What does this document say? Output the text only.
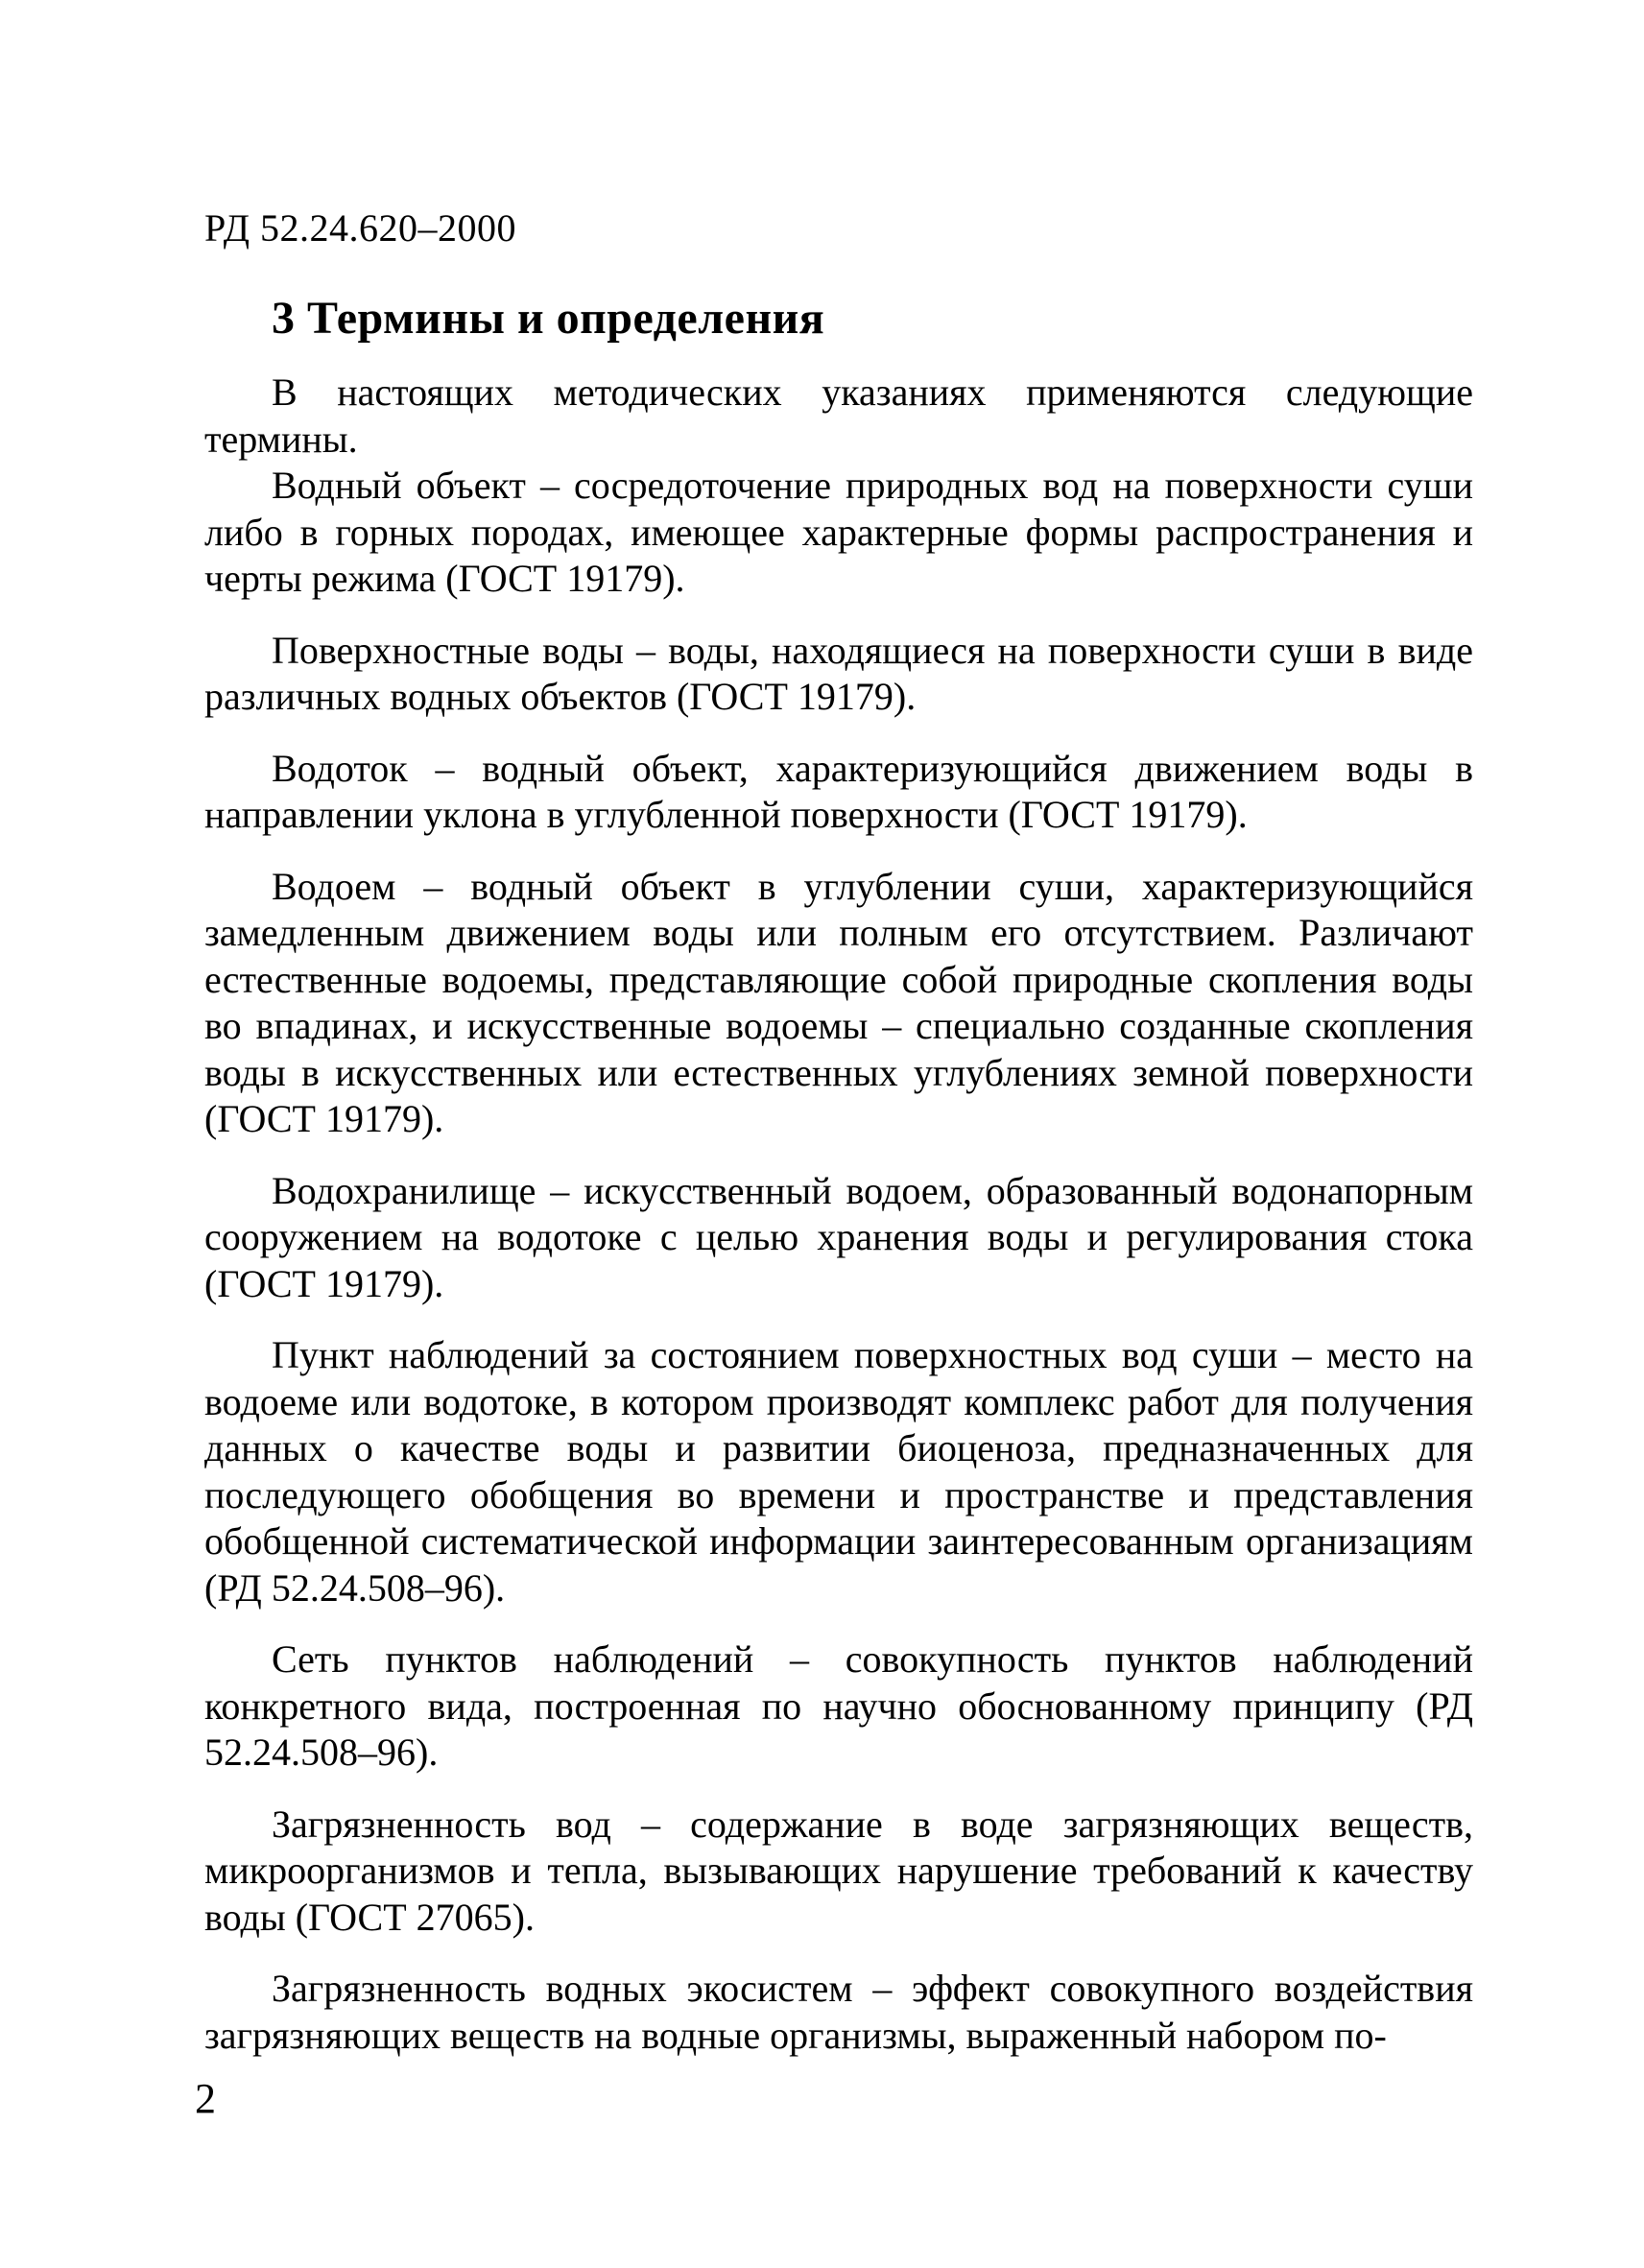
РД 52.24.620–2000
3 Термины и определения

В настоящих методических указаниях применяются следующие термины.

Водный объект – сосредоточение природных вод на поверхности суши либо в горных породах, имеющее характерные формы распространения и черты режима (ГОСТ 19179).

Поверхностные воды – воды, находящиеся на поверхности суши в виде различных водных объектов (ГОСТ 19179).

Водоток – водный объект, характеризующийся движением воды в направлении уклона в углубленной поверхности (ГОСТ 19179).

Водоем – водный объект в углублении суши, характеризующийся замедленным движением воды или полным его отсутствием. Различают естественные водоемы, представляющие собой природные скопления воды во впадинах, и искусственные водоемы – специально созданные скопления воды в искусственных или естественных углублениях земной поверхности (ГОСТ 19179).

Водохранилище – искусственный водоем, образованный водонапорным сооружением на водотоке с целью хранения воды и регулирования стока (ГОСТ 19179).

Пункт наблюдений за состоянием поверхностных вод суши – место на водоеме или водотоке, в котором производят комплекс работ для получения данных о качестве воды и развитии биоценоза, предназначенных для последующего обобщения во времени и пространстве и представления обобщенной систематической информации заинтересованным организациям (РД 52.24.508–96).

Сеть пунктов наблюдений – совокупность пунктов наблюдений конкретного вида, построенная по научно обоснованному принципу (РД 52.24.508–96).

Загрязненность вод – содержание в воде загрязняющих веществ, микроорганизмов и тепла, вызывающих нарушение требований к качеству воды (ГОСТ 27065).

Загрязненность водных экосистем – эффект совокупного воздействия загрязняющих веществ на водные организмы, выраженный набором по-

2
